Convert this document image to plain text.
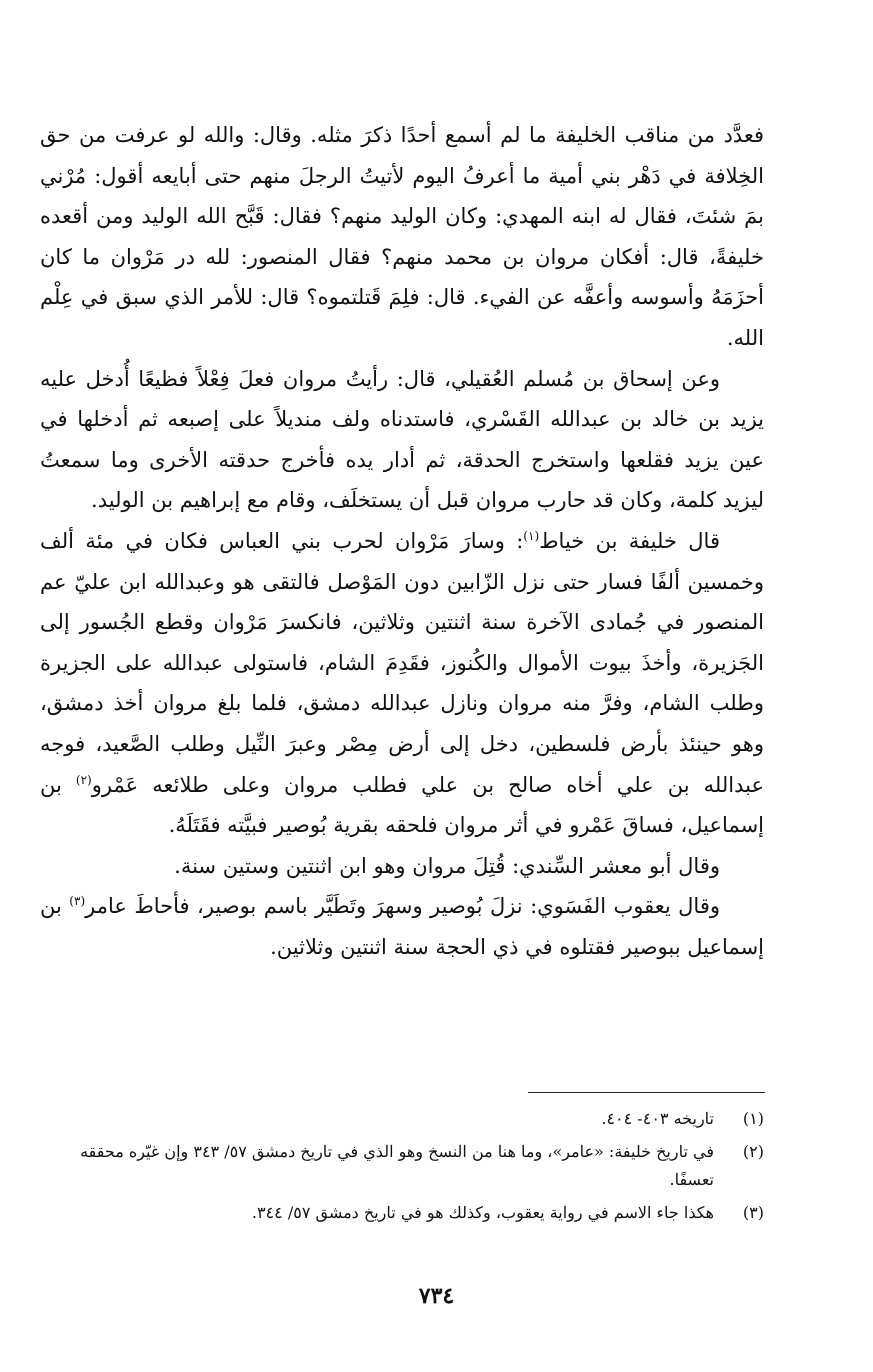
فعدَّد من مناقب الخليفة ما لم أسمع أحدًا ذكرَ مثله. وقال: والله لو عرفت من حق الخِلافة في دَهْر بني أمية ما أعرفُ اليوم لأتيتُ الرجلَ منهم حتى أبايعه أقول: مُرْني بمَ شئتَ، فقال له ابنه المهدي: وكان الوليد منهم؟ فقال: قَبَّح الله الوليد ومن أقعده خليفةً، قال: أفكان مروان بن محمد منهم؟ فقال المنصور: لله در مَرْوان ما كان أحزَمَهُ وأسوسه وأعفَّه عن الفيء. قال: فلِمَ قَتلتموه؟ قال: للأمر الذي سبق في عِلْم الله.

وعن إسحاق بن مُسلم العُقيلي، قال: رأيتُ مروان فعلَ فِعْلاً فظيعًا أُدخل عليه يزيد بن خالد بن عبدالله القَسْري، فاستدناه ولف منديلاً على إصبعه ثم أدخلها في عين يزيد فقلعها واستخرج الحدقة، ثم أدار يده فأخرج حدقته الأخرى وما سمعتُ ليزيد كلمة، وكان قد حارب مروان قبل أن يستخلَف، وقام مع إبراهيم بن الوليد.

قال خليفة بن خياط$^{(١)}$: وسارَ مَرْوان لحرب بني العباس فكان في مئة ألف وخمسين ألفًا فسار حتى نزل الزّابين دون المَوْصل فالتقى هو وعبدالله ابن عليّ عم المنصور في جُمادى الآخرة سنة اثنتين وثلاثين، فانكسرَ مَرْوان وقطع الجُسور إلى الجَزيرة، وأخذَ بيوت الأموال والكُنوز، فقَدِمَ الشام، فاستولى عبدالله على الجزيرة وطلب الشام، وفرَّ منه مروان ونازل عبدالله دمشق، فلما بلغ مروان أخذ دمشق، وهو حينئذ بأرض فلسطين، دخل إلى أرض مِصْر وعبرَ النِّيل وطلب الصَّعيد، فوجه عبدالله بن علي أخاه صالح بن علي فطلب مروان وعلى طلائعه عَمْرو$^{(٢)}$ بن إسماعيل، فساقَ عَمْرو في أثر مروان فلحقه بقرية بُوصير فبيَّته فقَتَلَهُ.

وقال أبو معشر السِّندي: قُتِلَ مروان وهو ابن اثنتين وستين سنة.

وقال يعقوب الفَسَوي: نزلَ بُوصير وسهرَ وتَطَيَّر باسم بوصير، فأحاطَ عامر$^{(٣)}$ بن إسماعيل ببوصير فقتلوه في ذي الحجة سنة اثنتين وثلاثين.

(١)
تاريخه ٤٠٣- ٤٠٤.
(٢)
في تاريخ خليفة: «عامر»، وما هنا من النسخ وهو الذي في تاريخ دمشق ٥٧/ ٣٤٣ وإن غيّره محققه تعسفًا.
(٣)
هكذا جاء الاسم في رواية يعقوب، وكذلك هو في تاريخ دمشق ٥٧/ ٣٤٤.
٧٣٤
